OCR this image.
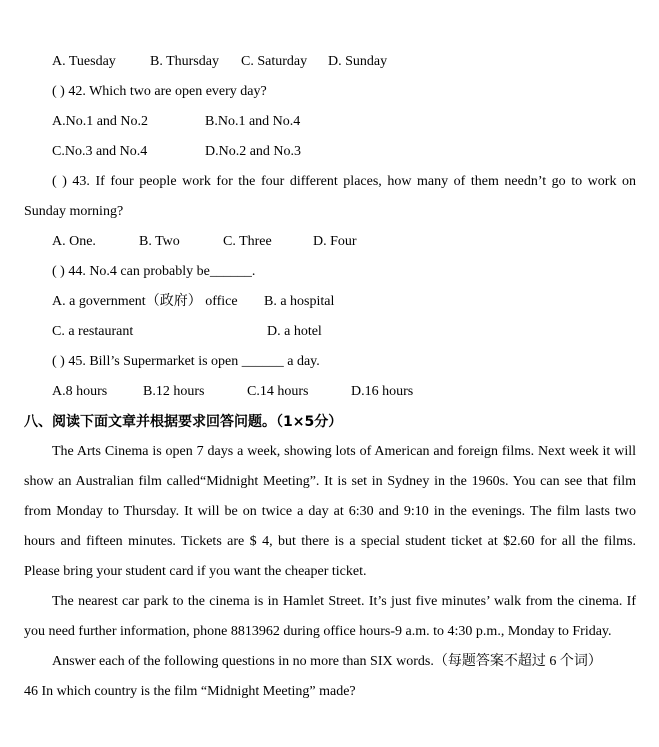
A. Tuesday B. Thursday C. Saturday D. Sunday
( ) 42. Which two are open every day?
A.No.1 and No.2	B.No.1 and No.4
C.No.3 and No.4	D.No.2 and No.3
( ) 43. If four people work for the four different places, how many of them needn’t go to work on Sunday morning?
A. One.	B. Two	C. Three	D. Four
( ) 44. No.4 can probably be______.
A. a government（政府） office B. a hospital
C. a restaurant	D. a hotel
( ) 45. Bill’s Supermarket is open ______ a day.
A.8 hours	B.12 hours	C.14 hours	D.16 hours
八、阅读下面文章并根据要求回答问题。（1×5分）
The Arts Cinema is open 7 days a week, showing lots of American and foreign films. Next week it will show an Australian film called“Midnight Meeting”. It is set in Sydney in the 1960s. You can see that film from Monday to Thursday. It will be on twice a day at 6:30 and 9:10 in the evenings. The film lasts two hours and fifteen minutes. Tickets are $ 4, but there is a special student ticket at $2.60 for all the films. Please bring your student card if you want the cheaper ticket.
The nearest car park to the cinema is in Hamlet Street. It’s just five minutes’ walk from the cinema. If you need further information, phone 8813962 during office hours-9 a.m. to 4:30 p.m., Monday to Friday.
Answer each of the following questions in no more than SIX words.（每题答案不超过 6 个词）
46 In which country is the film “Midnight Meeting” made?
